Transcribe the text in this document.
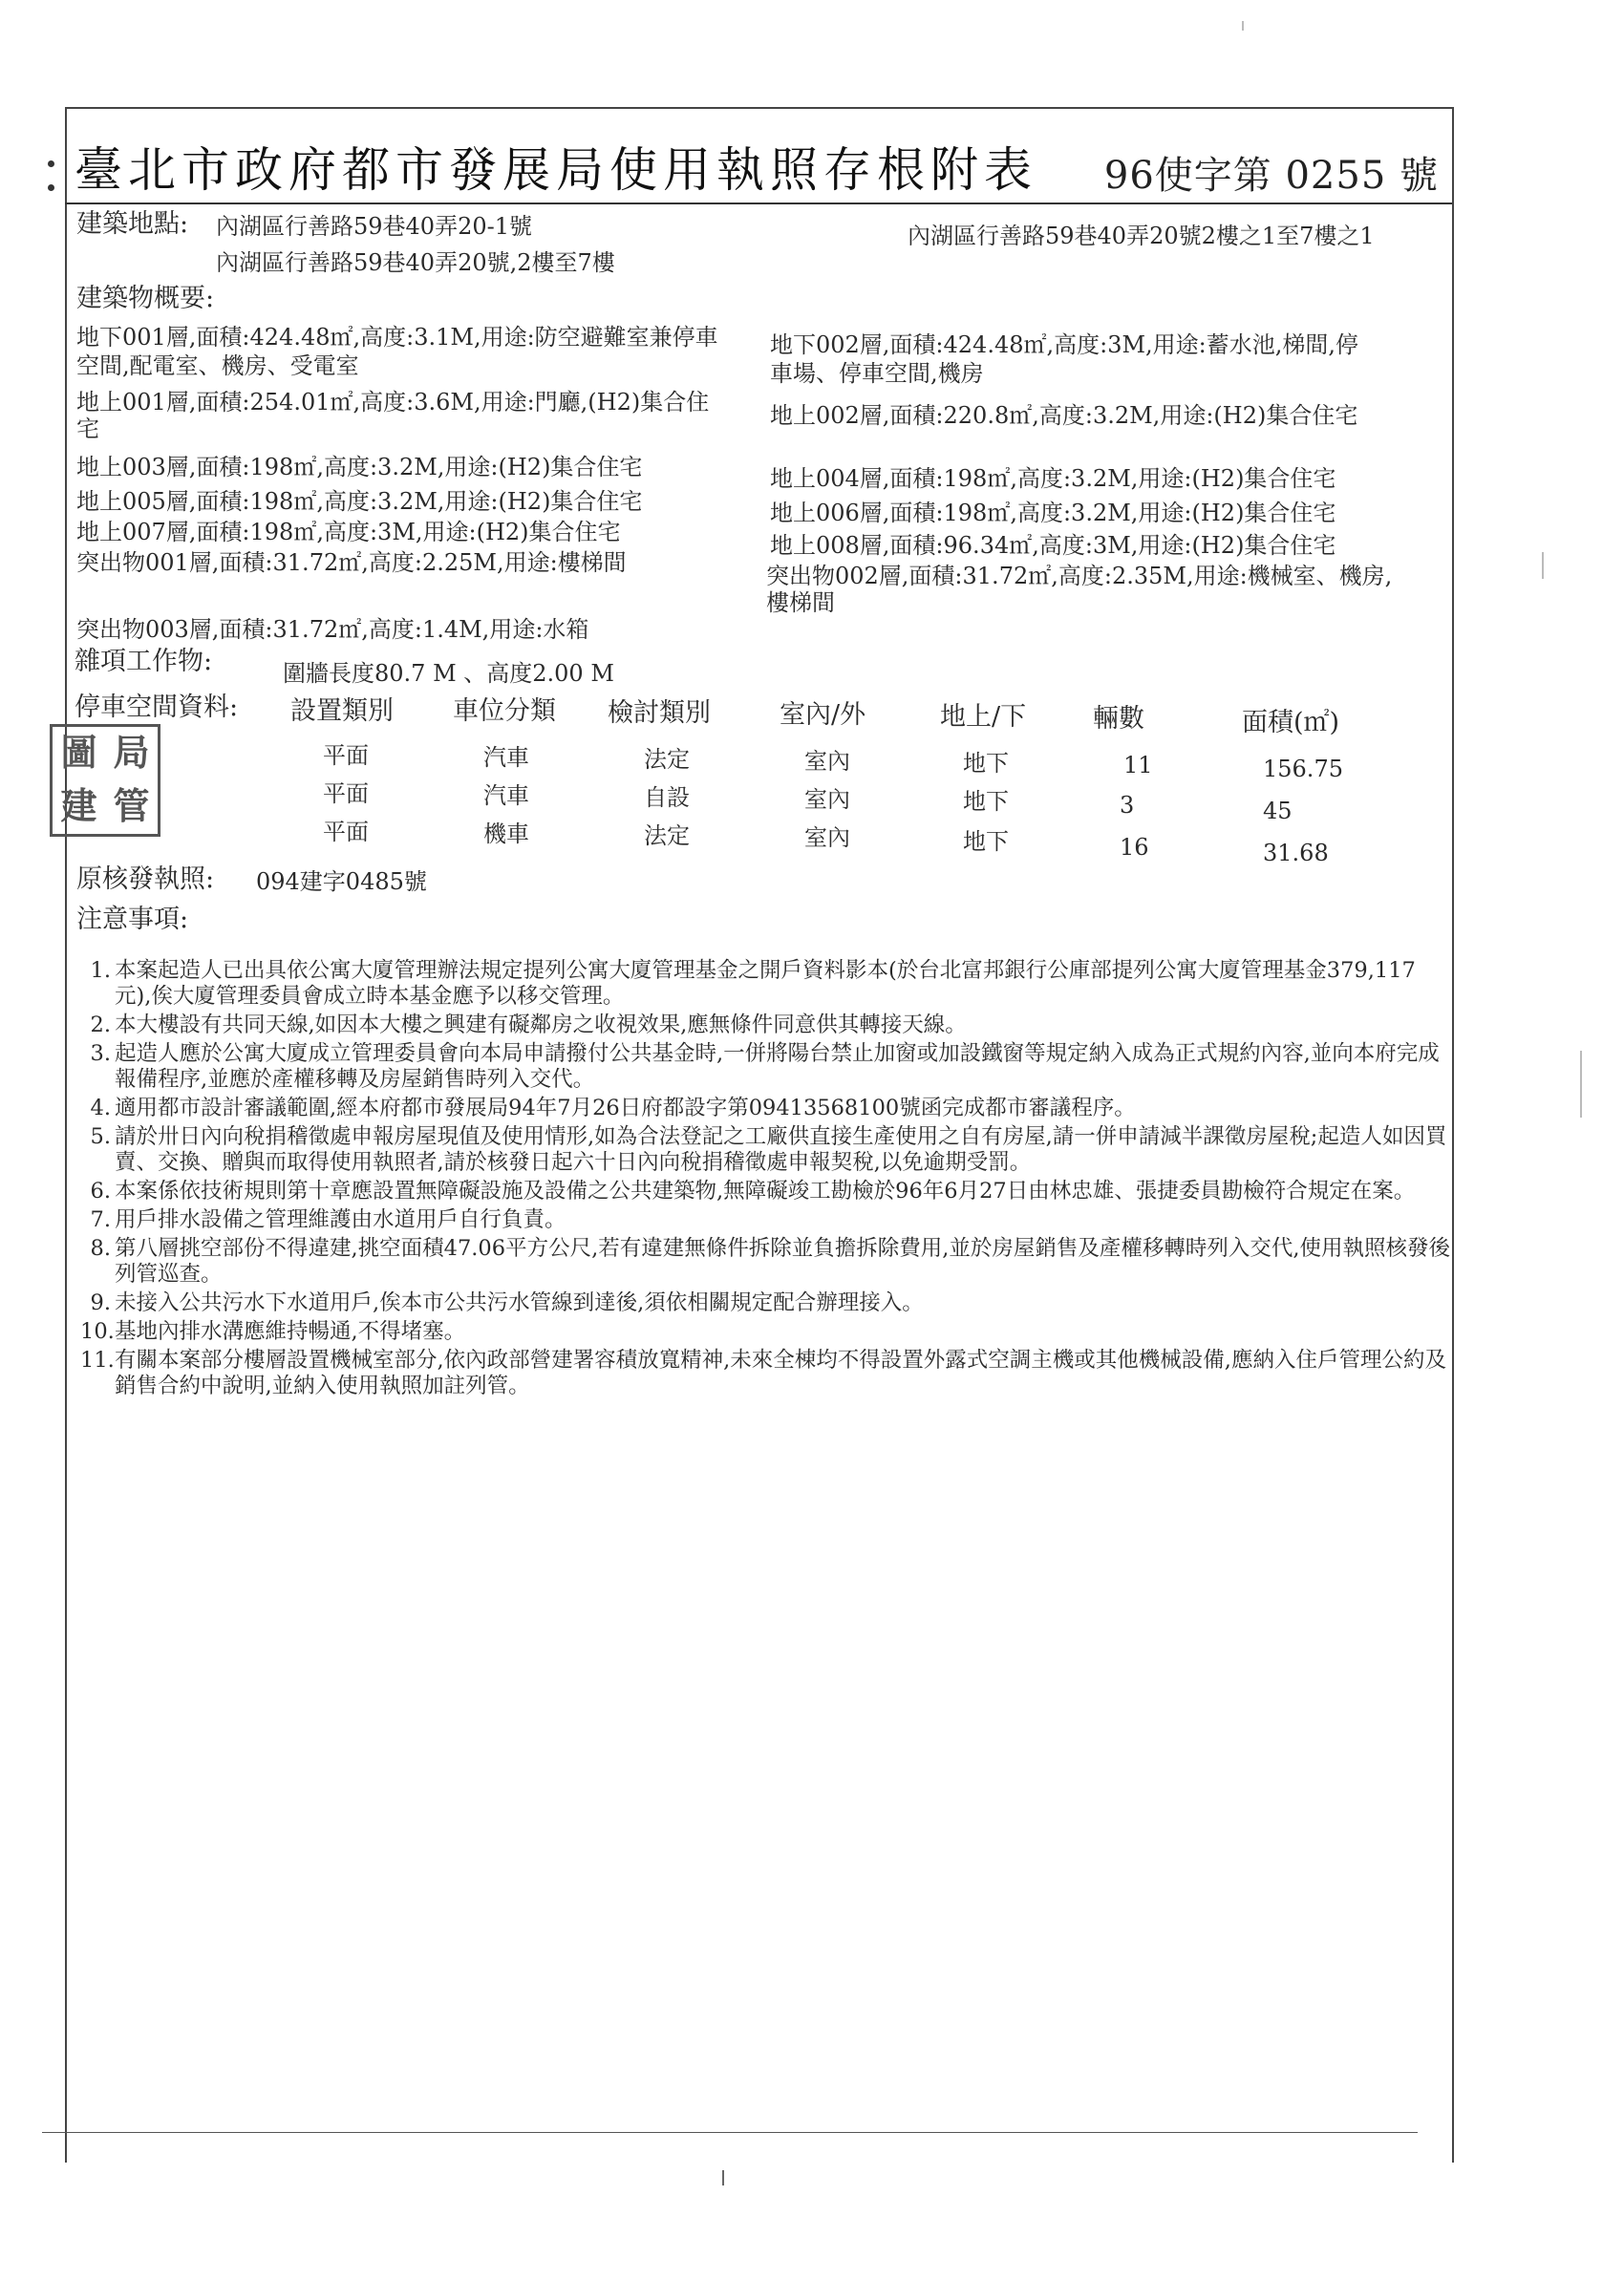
臺北市政府都市發展局使用執照存根附表 96使字第 0255 號
建築地點: 內湖區行善路59巷40弄20-1號
內湖區行善路59巷40弄20號,2樓至7樓
內湖區行善路59巷40弄20號2樓之1至7樓之1
建築物概要:
地下001層,面積:424.48㎡,高度:3.1M,用途:防空避難室兼停車
空間,配電室、機房、受電室
地下002層,面積:424.48㎡,高度:3M,用途:蓄水池,梯間,停
車場、停車空間,機房
地上001層,面積:254.01㎡,高度:3.6M,用途:門廳,(H2)集合住
宅	地上002層,面積:220.8㎡,高度:3.2M,用途:(H2)集合住宅
地上003層,面積:198㎡,高度:3.2M,用途:(H2)集合住宅	地上004層,面積:198㎡,高度:3.2M,用途:(H2)集合住宅
地上005層,面積:198㎡,高度:3.2M,用途:(H2)集合住宅	地上006層,面積:198㎡,高度:3.2M,用途:(H2)集合住宅
地上007層,面積:198㎡,高度:3M,用途:(H2)集合住宅	地上008層,面積:96.34㎡,高度:3M,用途:(H2)集合住宅
突出物001層,面積:31.72㎡,高度:2.25M,用途:樓梯間	突出物002層,面積:31.72㎡,高度:2.35M,用途:機械室、機房,
樓梯間
突出物003層,面積:31.72㎡,高度:1.4M,用途:水箱
雜項工作物:	圍牆長度80.7 M 、高度2.00 M
停車空間資料: 設置類別 車位分類 檢討類別	室內/外	地上/下	輛數	面積(㎡)
平面	汽車	法定	室內	地下	11	156.75
平面	汽車	自設	室內	地下	3	45
平面	機車	法定	室內	地下	16	31.68
圖 局
建 管
原核發執照: 094建字0485號
注意事項:
1. 本案起造人已出具依公寓大廈管理辦法規定提列公寓大廈管理基金之開戶資料影本(於台北富邦銀行公庫部提列公寓大廈管理基金379,117元),俟大廈管理委員會成立時本基金應予以移交管理。
2. 本大樓設有共同天線,如因本大樓之興建有礙鄰房之收視效果,應無條件同意供其轉接天線。
3. 起造人應於公寓大廈成立管理委員會向本局申請撥付公共基金時,一併將陽台禁止加窗或加設鐵窗等規定納入成為正式規約內容,並向本府完成報備程序,並應於產權移轉及房屋銷售時列入交代。
4. 適用都市設計審議範圍,經本府都市發展局94年7月26日府都設字第09413568100號函完成都市審議程序。
5. 請於卅日內向稅捐稽徵處申報房屋現值及使用情形,如為合法登記之工廠供直接生產使用之自有房屋,請一併申請減半課徵房屋稅;起造人如因買賣、交換、贈與而取得使用執照者,請於核發日起六十日內向稅捐稽徵處申報契稅,以免逾期受罰。
6. 本案係依技術規則第十章應設置無障礙設施及設備之公共建築物,無障礙竣工勘檢於96年6月27日由林忠雄、張捷委員勘檢符合規定在案。
7. 用戶排水設備之管理維護由水道用戶自行負責。
8. 第八層挑空部份不得違建,挑空面積47.06平方公尺,若有違建無條件拆除並負擔拆除費用,並於房屋銷售及產權移轉時列入交代,使用執照核發後列管巡查。
9. 未接入公共污水下水道用戶,俟本市公共污水管線到達後,須依相關規定配合辦理接入。
10. 基地內排水溝應維持暢通,不得堵塞。
11. 有關本案部分樓層設置機械室部分,依內政部營建署容積放寬精神,未來全棟均不得設置外露式空調主機或其他機械設備,應納入住戶管理公約及銷售合約中說明,並納入使用執照加註列管。
